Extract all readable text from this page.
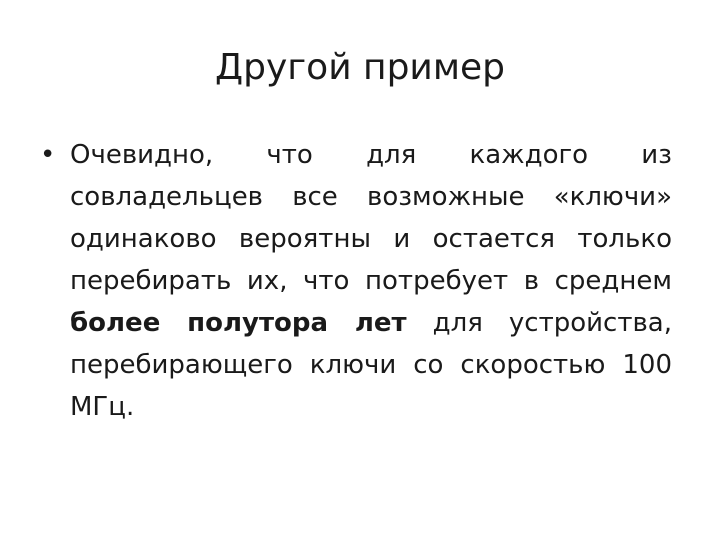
Другой пример
• Очевидно, что для каждого из совладельцев все возможные «ключи» одинаково вероятны и остается только перебирать их, что потребует в среднем более полутора лет для устройства, перебирающего ключи со скоростью 100 МГц.
